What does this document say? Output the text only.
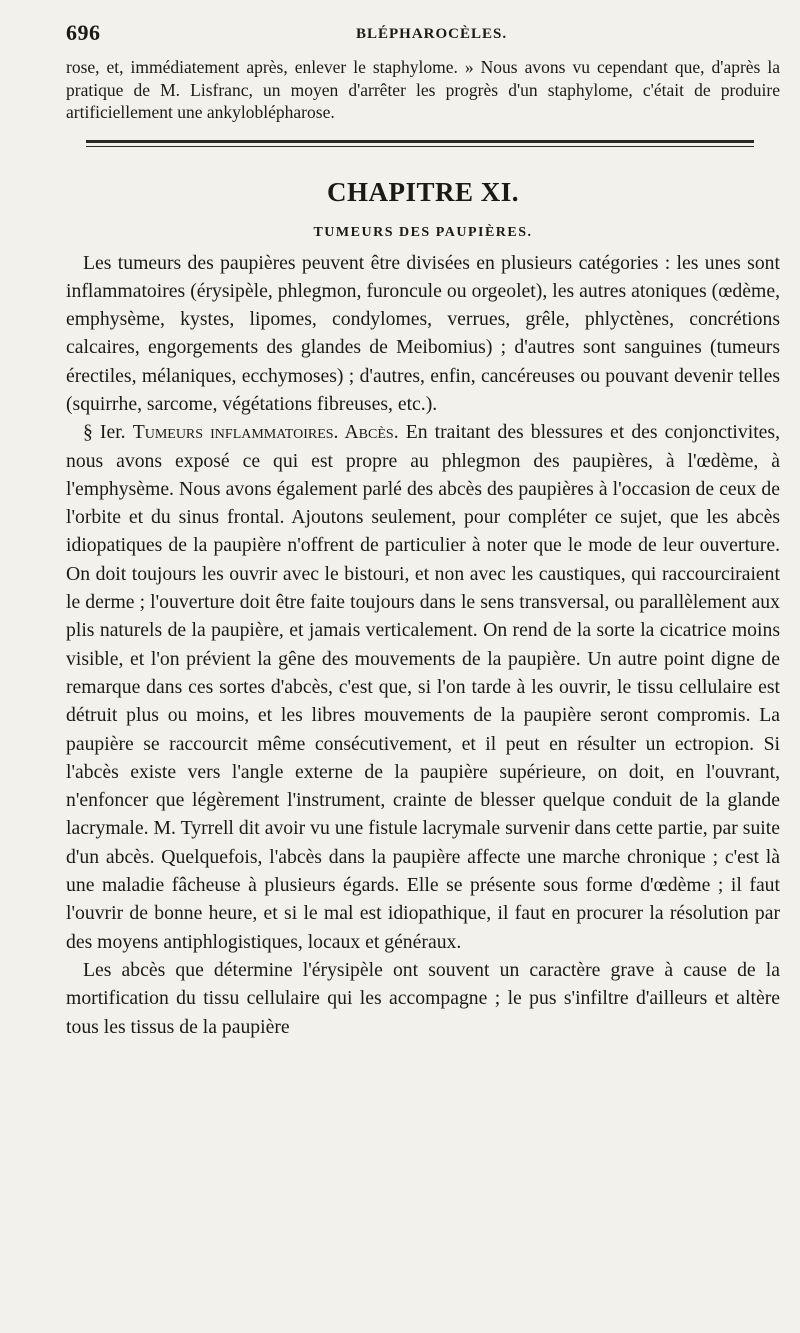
696	BLÉPHAROCÈLES.

rose, et, immédiatement après, enlever le staphylome. » Nous avons vu cependant que, d'après la pratique de M. Lisfranc, un moyen d'arrêter les progrès d'un staphylome, c'était de produire artificiellement une ankyloblépharose.

CHAPITRE XI.
TUMEURS DES PAUPIÈRES.

Les tumeurs des paupières peuvent être divisées en plusieurs catégories : les unes sont inflammatoires (érysipèle, phlegmon, furoncule ou orgeolet), les autres atoniques (œdème, emphysème, kystes, lipomes, condylomes, verrues, grêle, phlyctènes, concrétions calcaires, engorgements des glandes de Meibomius) ; d'autres sont sanguines (tumeurs érectiles, mélaniques, ecchymoses) ; d'autres, enfin, cancéreuses ou pouvant devenir telles (squirrhe, sarcome, végétations fibreuses, etc.).

§ Ier. Tumeurs inflammatoires. Abcès. En traitant des blessures et des conjonctivites, nous avons exposé ce qui est propre au phlegmon des paupières, à l'œdème, à l'emphysème. Nous avons également parlé des abcès des paupières à l'occasion de ceux de l'orbite et du sinus frontal. Ajoutons seulement, pour compléter ce sujet, que les abcès idiopatiques de la paupière n'offrent de particulier à noter que le mode de leur ouverture. On doit toujours les ouvrir avec le bistouri, et non avec les caustiques, qui raccourciraient le derme ; l'ouverture doit être faite toujours dans le sens transversal, ou parallèlement aux plis naturels de la paupière, et jamais verticalement. On rend de la sorte la cicatrice moins visible, et l'on prévient la gêne des mouvements de la paupière. Un autre point digne de remarque dans ces sortes d'abcès, c'est que, si l'on tarde à les ouvrir, le tissu cellulaire est détruit plus ou moins, et les libres mouvements de la paupière seront compromis. La paupière se raccourcit même consécutivement, et il peut en résulter un ectropion. Si l'abcès existe vers l'angle externe de la paupière supérieure, on doit, en l'ouvrant, n'enfoncer que légèrement l'instrument, crainte de blesser quelque conduit de la glande lacrymale. M. Tyrrell dit avoir vu une fistule lacrymale survenir dans cette partie, par suite d'un abcès. Quelquefois, l'abcès dans la paupière affecte une marche chronique ; c'est là une maladie fâcheuse à plusieurs égards. Elle se présente sous forme d'œdème ; il faut l'ouvrir de bonne heure, et si le mal est idiopathique, il faut en procurer la résolution par des moyens antiphlogistiques, locaux et généraux.

Les abcès que détermine l'érysipèle ont souvent un caractère grave à cause de la mortification du tissu cellulaire qui les accompagne ; le pus s'infiltre d'ailleurs et altère tous les tissus de la paupière
